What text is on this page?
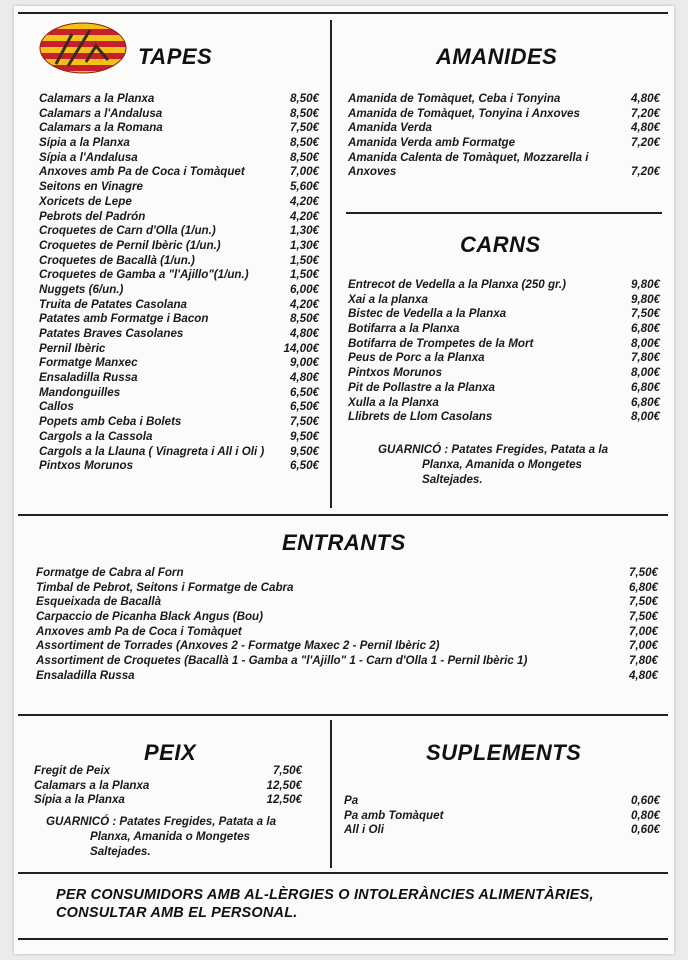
TAPES
Calamars a la Planxa	8,50€
Calamars a l'Andalusa	8,50€
Calamars a la Romana	7,50€
Sípia a la Planxa	8,50€
Sípia a l'Andalusa	8,50€
Anxoves amb Pa de Coca i Tomàquet	7,00€
Seitons en Vinagre	5,60€
Xoricets de Lepe	4,20€
Pebrots del Padrón	4,20€
Croquetes de Carn d'Olla (1/un.)	1,30€
Croquetes de Pernil Ibèric (1/un.)	1,30€
Croquetes de Bacallà (1/un.)	1,50€
Croquetes de Gamba a "l'Ajillo"(1/un.)	1,50€
Nuggets (6/un.)	6,00€
Truita de Patates Casolana	4,20€
Patates amb Formatge i Bacon	8,50€
Patates Braves Casolanes	4,80€
Pernil Ibèric	14,00€
Formatge Manxec	9,00€
Ensaladilla Russa	4,80€
Mandonguilles	6,50€
Callos	6,50€
Popets amb Ceba i Bolets	7,50€
Cargols a la Cassola	9,50€
Cargols a la Llauna ( Vinagreta i All i Oli ) 9,50€
Pintxos Morunos	6,50€
AMANIDES
Amanida de Tomàquet, Ceba i Tonyina	4,80€
Amanida de Tomàquet, Tonyina i Anxoves	7,20€
Amanida Verda	4,80€
Amanida Verda amb Formatge	7,20€
Amanida Calenta de Tomàquet, Mozzarella i Anxoves	7,20€
CARNS
Entrecot de Vedella a la Planxa (250 gr.)	9,80€
Xai a la planxa	9,80€
Bistec de Vedella a la Planxa	7,50€
Botifarra a la Planxa	6,80€
Botifarra de Trompetes de la Mort	8,00€
Peus de Porc a la Planxa	7,80€
Pintxos Morunos	8,00€
Pit de Pollastre a la Planxa	6,80€
Xulla a la Planxa	6,80€
Llibrets de Llom Casolans	8,00€
GUARNICÓ : Patates Fregides, Patata a la
Planxa, Amanida o Mongetes
Saltejades.
ENTRANTS
Formatge de Cabra al Forn	7,50€
Timbal de Pebrot, Seitons i Formatge de Cabra	6,80€
Esqueixada de Bacallà	7,50€
Carpaccio de Picanha Black Angus (Bou)	7,50€
Anxoves amb Pa de Coca i Tomàquet	7,00€
Assortiment de Torrades (Anxoves 2 - Formatge Maxec 2 - Pernil Ibèric 2)	7,00€
Assortiment de Croquetes (Bacallà 1 - Gamba a "l'Ajillo" 1 - Carn d'Olla 1 - Pernil Ibèric 1)	7,80€
Ensaladilla Russa	4,80€
PEIX
Fregit de Peix	7,50€
Calamars a la Planxa	12,50€
Sípia a la Planxa	12,50€
GUARNICÓ : Patates Fregides, Patata a la
Planxa, Amanida o Mongetes
Saltejades.
SUPLEMENTS
Pa	0,60€
Pa amb Tomàquet	0,80€
All i Oli	0,60€
PER CONSUMIDORS AMB AL-LÈRGIES O INTOLERÀNCIES ALIMENTÀRIES,
CONSULTAR AMB EL PERSONAL.
